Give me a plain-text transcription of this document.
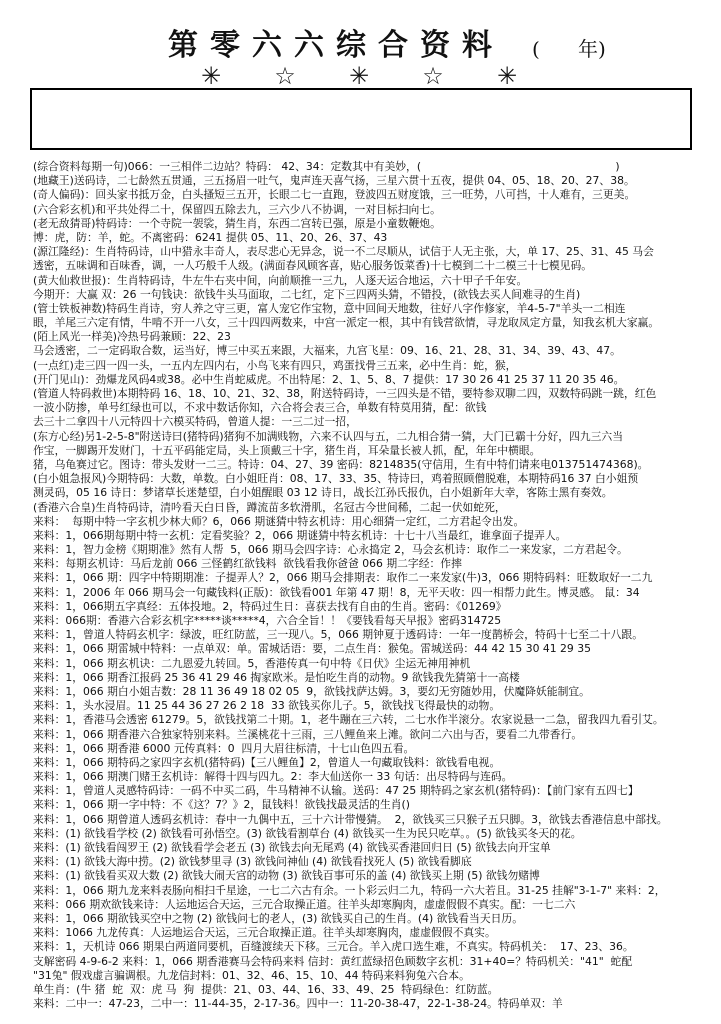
第零六六综合资料 ( 年)
✳ ☆ ✳ ☆ ✳
(综合资料每期一句)066：一三相伴二边站？特码： 42、34：定数其中有美妙，(　　　　　　　　　　　　　　　　　　)
(地藏王)送码诗，二七龄然五贯通，三五扬眉一吐气，鬼声连天喜气扬，三星六贯十五夜，提供 04、05、18、20、27、38。
(奇人偏码)：回头家书抵万金，白头搔短三五开，长眼二七一直跑，登波四五财度饿，三一旺势，八可挡，十人难有，三更美。
(六合彩玄机)和平共处得二十，保留四五除去九，三六少八不协调，一对目标扫向七。
(老无敌猜哥)特码诗：一个寺院一袈裟，猜生肖，东西二宫转已强，原是小童数鞭炮。
博：虎，防：羊，蛇。不离密码：6241 提供 05、11、20、26、37、43
(源江隆经)：生肖特码诗，山中猎永丰奇人，表尽悲心无异念，说一不二尽顺从，试信于人无主张，大，单 17、25、31、45 马会
透密，五味调和百味香，调，一人巧般千人级。(满面春风顾客喜，贴心服务饭菜香)十七模到二十二模三十七模见码。
(黄大仙救世报)：生肖特码诗，牛左牛右夹中间，向前顺推一三九，人逐天运合地运，六十甲子千年安。
今期开：大赢 双：26 一句钱诀：欲钱牛头马面取，二七红，定下三四两头猜，不错投，(欲钱去买人间难寻的生肖)
(管士铁板神数)特码生肖诗，穷人养之守三更，富人宠它作宝物，意中回间天地数，往好八字作修家，羊4-5-7"羊头一二相连
眼，羊尾三六定有情，牛啃不开一八女，三十四四两数来，中宫一派定一根，其中有钱营欲情，寻龙取凤定方量，知我玄机大家赢。
(陌上风光一样美)冷热号码兼顾：22、23
马会透密，二一定码取合数，运当好，博三中买五来跟，大福来，九宫飞星：09、16、21、28、31、34、39、43、47。
(一点红)走三四一四一头，一五内左四内右，小鸟飞来有四只，鸡蛋找骨三五来，必中生肖：蛇，猴，
(开门见山)：劲爆龙风码4或38。必中生肖蛇威虎。不出特尾：2、1、5、8、7 提供：17 30 26 41 25 37 11 20 35 46。
(管道人特码救世)本期特码 16、18、10、21、32、38，附送特码诗，一三四头是不错，要特参双聊二四，双数特码跳一跳，红色
一波小防掺，单号红绿也可以，不求中数话你知，六合将会表三合，单数有特莫用猜，配：欲钱
去三十二拿四十八元特四十六模买特码，曾道人提：一三二过一招，
(东方心经)另1-2-5-8"附送诗曰(猪特码)猪狗不加满贱物，六来不认四与五，二九相合猜一猜，大门已霸十分好，四九三六当
作宝，一脚踢开发财门，十五平码能定局，头上顶戴三十字，猪生肖，耳朵量长被人抓，配，年年中横眼。
猪，乌龟赛过它。图诗：带头发财一二三。特诗：04、27、39 密码：8214835(守信用，生有中特们请来电013751474368)。
(白小姐急报风)今期特码：大数，单数。白小姐旺肖：08、17、33、35、特诗曰，鸡着照顾僧脱难，本期特码16 37 白小姐预
测灵码，05 16 诗日：梦诸草长迷楚望，白小姐醒眼 03 12 诗日，战长江孙氏报仇，白小姐新年大幸，客陈士黑有奏效。
(香港六合皇)生肖特码诗，清吟看天白日昏，蹲流苗多软滑肌，名冠古今世间稀，二起一伏如蛇死，
来料：  每期中特一字玄机少林大师？6，066 期谜猜中特玄机诗：用心细猜一定红，二方君起令出发。
来料：1，066期每期中特一玄机：定看奖验？2，066 期谜猜中特玄机诗：十七十八当最红，谁拿面子提弄人。
来料：1，智力金榜《期期准》然有人帮  5，066 期马会四字诗：心永捣定 2，马会玄机诗：取作二一来发家，二方君起令。
来料：每期玄机诗：马后龙前 066 三怪鹤红欲钱料  欲钱看我你爸爸 066 期二字经：作摔
来料：1，066 期：四字中特期期准：子提弄人？2，066 期马会排期表：取作二一来发家(牛)3，066 期特码料：旺数取好一二九
来料：1，2006 年 066 期马会一句藏钱料(正版)：欲钱看001 年第 47 期！8，无平天收：四一相帮力此生。博灵感。 鼠：34
来料：1，066期五字真经：五体投地。2，特码过生日：喜获去找有自由的生肖。密码：《01269》
来料：066期：香港六合彩玄机字*****谈*****4，六合全旨！！《要钱看每天早报》密码314725
来料：1，曾道人特码玄机字：绿波，旺红防蓝，三一现八。5，066 期钟夏于透码诗：一年一度鹊桥会，特码十七至二十八跟。
来料：1，066 期雷城中特料：一点单双：单。雷城话语：要，二点生肖：猴兔。雷城送码：44 42 15 30 41 29 35
来料：1，066 期玄机诀：二九恩爱九转回。5，香港传真一句中特《日伏》尘运无神用神机
来料：1，066 期香江报码 25 36 41 29 46 掏家欧米。是怕吃生肖的动物。9 欲钱我先猜第十一高楼
来料：1，066 期白小姐吉数：28 11 36 49 18 02 05  9，欲钱找萨达姆。3，要幻无穷随妙用，伏魔降妖能制宜。
来料：1，头水浸眉。11 25 44 36 27 26 2 18  33 欲钱买你儿子。5，欲钱找飞得最快的动物。
来料：1，香港马会透密 61279。5，欲钱找第二十期。1，老牛蹦在三六转，二七水作半滚分。农家说悬一二急，留我四九看引艾。
来料：1，066 期香港六合独家特别来料。兰溪桃花十三雨，三八鲤鱼来上滩。欲问二六出与否，要看二九带香行。
来料：1，066 期香港 6000 元传真料：0  四月大眉往标清，十七山色四五看。
来料：1，066 期特码之家四字玄机(猪特码)【三八鲤鱼】2，曾道人一句藏取钱料：欲钱看电视。
来料：1，066 期澳门赌王玄机诗：解得十四与四九。2：李大仙送你一 33 句话：出尽特码与连码。
来料：1，曾道人灵感特码诗：一码不中买二码，牛马精神不认输。送码：47 25 期特码之家玄机(猪特码)：【前门家有五四七】
来料：1，066 期一字中特：不《这？7？》2，鼠钱料！欲钱找最灵活的生肖()
来料：1，066 期曾道人透码玄机诗：春中一九偶中五，三十六计带慢猜。  2，欲钱买三只猴子五只脚。3，欲钱去香港信息中部找。
来料：(1) 欲钱看学校 (2) 欲钱看可孙悟空。(3) 欲钱看割草台 (4) 欲钱买一生为民只吃草。。(5) 欲钱买冬天的花。
来料：(1) 欲钱看闯罗王 (2) 欲钱看学会老五 (3) 欲钱去向无尾鸡 (4) 欲钱买香港回归日 (5) 欲钱去向开宝单
来料：(1) 欲钱大海中捞。(2) 欲钱梦里寻 (3) 欲钱问神仙 (4) 欲钱看找死人 (5) 欲钱看脚底
来料：(1) 欲钱看买双大数 (2) 欲钱大闹天宫的动物 (3) 欲钱百事可乐的盖 (4) 欲钱买上期 (5) 欲钱勿赌博
来料：1，066 期九龙来料表肠向相扫千星途，一七二六古有余。一卜彩云归二九，特码一六大若且。31-25 挂解"3-1-7" 来料：2，
来料：066 期欢欲钱来诗：人运地运合天运，三元合取操正道。往羊头却寒胸肉，虚虚假假不真实。配：一七二六
来料：1，066 期欲钱买空中之物 (2) 欲钱问七的老人，(3) 欲钱买自己的生肖。(4) 欲钱看当天日历。
来料：1066 九龙传真：人运地运合天运，三元合取操正道。往羊头却寒胸肉，虚虚假假不真实。
来料：1，天机诗 066 期果白两道同要机，百缝渡续天下移。三元合。羊入虎口选生难，不真实。特码机关：  17、23、36。
支解密码 4-9-6-2 来料：1，066 期香港赛马会特码来料 信封：黄红蓝绿招色顾数字玄机：31+40=？特码机关："41"  蛇配
"31兔" 假戏虚言骗调根。九龙信封料：01、32、46、15、10、44 特码来料狗兔六合本。
单生肖：(牛 猪  蛇  双：虎 马  狗  提供：21、03、44、16、33、49、25  特码绿色：红防蓝。
来料：二中一：47-23，二中一：11-44-35，2-17-36。四中一：11-20-38-47，22-1-38-24。特码单双：羊
